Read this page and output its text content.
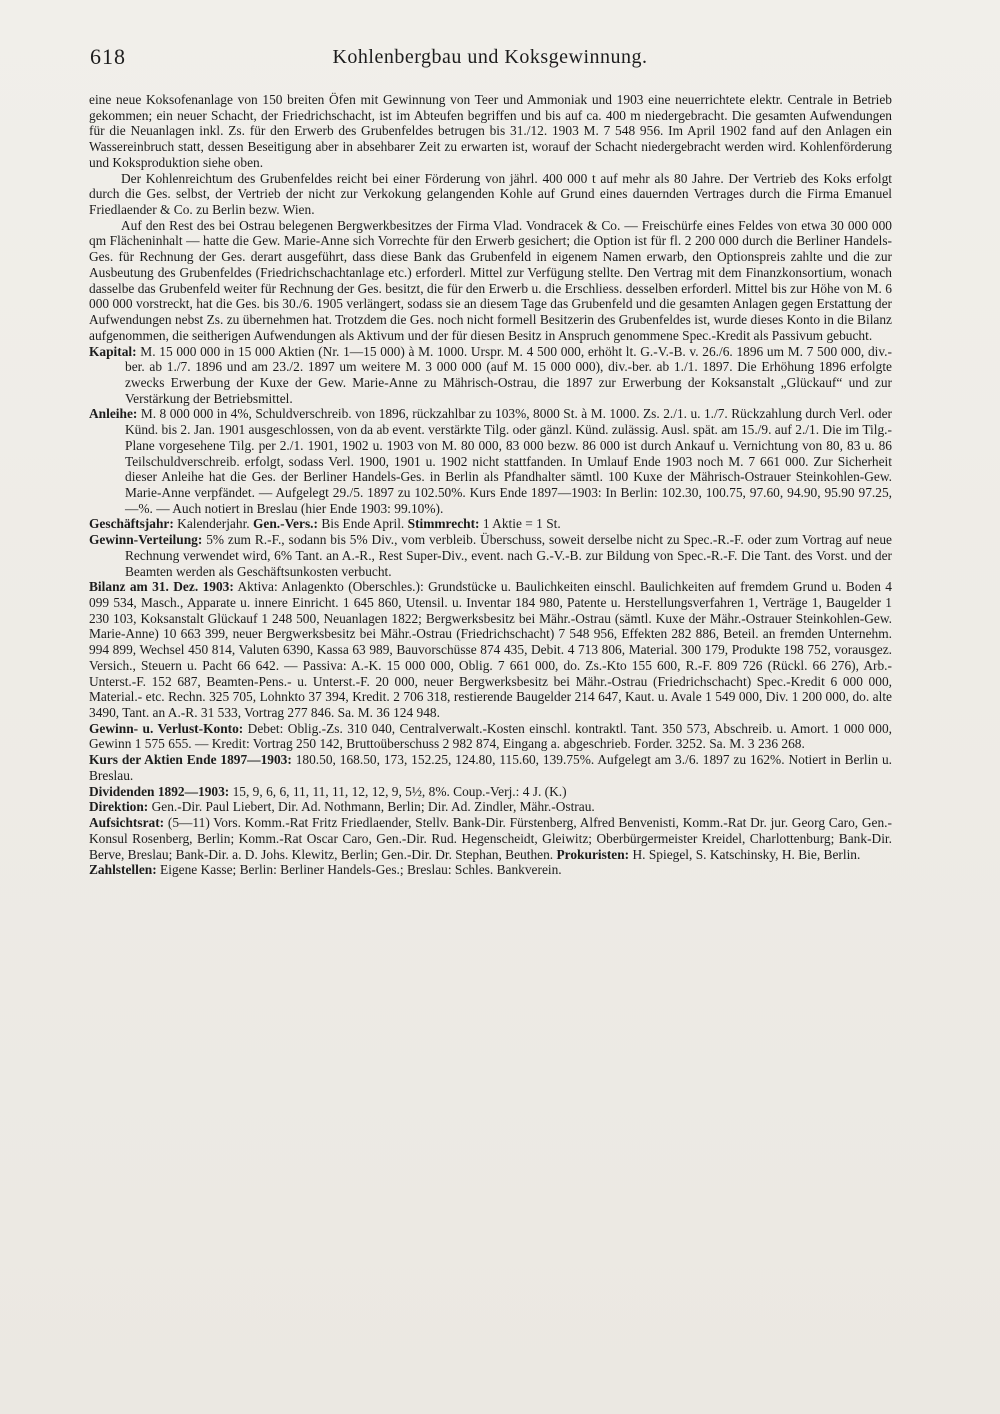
618	Kohlenbergbau und Koksgewinnung.

eine neue Koksofenanlage von 150 breiten Öfen mit Gewinnung von Teer und Ammoniak und 1903 eine neuerrichtete elektr. Centrale in Betrieb gekommen; ein neuer Schacht, der Friedrichschacht, ist im Abteufen begriffen und bis auf ca. 400 m niedergebracht. Die gesamten Aufwendungen für die Neuanlagen inkl. Zs. für den Erwerb des Grubenfeldes betrugen bis 31./12. 1903 M. 7 548 956. Im April 1902 fand auf den Anlagen ein Wassereinbruch statt, dessen Beseitigung aber in absehbarer Zeit zu erwarten ist, worauf der Schacht niedergebracht werden wird. Kohlenförderung und Koksproduktion siehe oben.

Der Kohlenreichtum des Grubenfeldes reicht bei einer Förderung von jährl. 400 000 t auf mehr als 80 Jahre. Der Vertrieb des Koks erfolgt durch die Ges. selbst, der Vertrieb der nicht zur Verkokung gelangenden Kohle auf Grund eines dauernden Vertrages durch die Firma Emanuel Friedlaender & Co. zu Berlin bezw. Wien.

Auf den Rest des bei Ostrau belegenen Bergwerkbesitzes der Firma Vlad. Vondracek & Co. — Freischürfe eines Feldes von etwa 30 000 000 qm Flächeninhalt — hatte die Gew. Marie-Anne sich Vorrechte für den Erwerb gesichert; die Option ist für fl. 2 200 000 durch die Berliner Handels-Ges. für Rechnung der Ges. derart ausgeführt, dass diese Bank das Grubenfeld in eigenem Namen erwarb, den Optionspreis zahlte und die zur Ausbeutung des Grubenfeldes (Friedrichschachtanlage etc.) erforderl. Mittel zur Verfügung stellte. Den Vertrag mit dem Finanzkonsortium, wonach dasselbe das Grubenfeld weiter für Rechnung der Ges. besitzt, die für den Erwerb u. die Erschliess. desselben erforderl. Mittel bis zur Höhe von M. 6 000 000 vorstreckt, hat die Ges. bis 30./6. 1905 verlängert, sodass sie an diesem Tage das Grubenfeld und die gesamten Anlagen gegen Erstattung der Aufwendungen nebst Zs. zu übernehmen hat. Trotzdem die Ges. noch nicht formell Besitzerin des Grubenfeldes ist, wurde dieses Konto in die Bilanz aufgenommen, die seitherigen Aufwendungen als Aktivum und der für diesen Besitz in Anspruch genommene Spec.-Kredit als Passivum gebucht.

Kapital: M. 15 000 000 in 15 000 Aktien (Nr. 1—15 000) à M. 1000. Urspr. M. 4 500 000, erhöht lt. G.-V.-B. v. 26./6. 1896 um M. 7 500 000, div.-ber. ab 1./7. 1896 und am 23./2. 1897 um weitere M. 3 000 000 (auf M. 15 000 000), div.-ber. ab 1./1. 1897. Die Erhöhung 1896 erfolgte zwecks Erwerbung der Kuxe der Gew. Marie-Anne zu Mährisch-Ostrau, die 1897 zur Erwerbung der Koksanstalt „Glückauf“ und zur Verstärkung der Betriebsmittel.

Anleihe: M. 8 000 000 in 4%, Schuldverschreib. von 1896, rückzahlbar zu 103%, 8000 St. à M. 1000. Zs. 2./1. u. 1./7. Rückzahlung durch Verl. oder Künd. bis 2. Jan. 1901 ausgeschlossen, von da ab event. verstärkte Tilg. oder gänzl. Künd. zulässig. Ausl. spät. am 15./9. auf 2./1. Die im Tilg.-Plane vorgesehene Tilg. per 2./1. 1901, 1902 u. 1903 von M. 80 000, 83 000 bezw. 86 000 ist durch Ankauf u. Vernichtung von 80, 83 u. 86 Teilschuldverschreib. erfolgt, sodass Verl. 1900, 1901 u. 1902 nicht stattfanden. In Umlauf Ende 1903 noch M. 7 661 000. Zur Sicherheit dieser Anleihe hat die Ges. der Berliner Handels-Ges. in Berlin als Pfandhalter sämtl. 100 Kuxe der Mährisch-Ostrauer Steinkohlen-Gew. Marie-Anne verpfändet. — Aufgelegt 29./5. 1897 zu 102.50%. Kurs Ende 1897—1903: In Berlin: 102.30, 100.75, 97.60, 94.90, 95.90 97.25, —%. — Auch notiert in Breslau (hier Ende 1903: 99.10%).

Geschäftsjahr: Kalenderjahr. Gen.-Vers.: Bis Ende April. Stimmrecht: 1 Aktie = 1 St.

Gewinn-Verteilung: 5% zum R.-F., sodann bis 5% Div., vom verbleib. Überschuss, soweit derselbe nicht zu Spec.-R.-F. oder zum Vortrag auf neue Rechnung verwendet wird, 6% Tant. an A.-R., Rest Super-Div., event. nach G.-V.-B. zur Bildung von Spec.-R.-F. Die Tant. des Vorst. und der Beamten werden als Geschäftsunkosten verbucht.

Bilanz am 31. Dez. 1903: Aktiva: Anlagenkto (Oberschles.): Grundstücke u. Baulichkeiten einschl. Baulichkeiten auf fremdem Grund u. Boden 4 099 534, Masch., Apparate u. innere Einricht. 1 645 860, Utensil. u. Inventar 184 980, Patente u. Herstellungsverfahren 1, Verträge 1, Baugelder 1 230 103, Koksanstalt Glückauf 1 248 500, Neuanlagen 1822; Bergwerksbesitz bei Mähr.-Ostrau (sämtl. Kuxe der Mähr.-Ostrauer Steinkohlen-Gew. Marie-Anne) 10 663 399, neuer Bergwerksbesitz bei Mähr.-Ostrau (Friedrichschacht) 7 548 956, Effekten 282 886, Beteil. an fremden Unternehm. 994 899, Wechsel 450 814, Valuten 6390, Kassa 63 989, Bauvorschüsse 874 435, Debit. 4 713 806, Material. 300 179, Produkte 198 752, vorausgez. Versich., Steuern u. Pacht 66 642. — Passiva: A.-K. 15 000 000, Oblig. 7 661 000, do. Zs.-Kto 155 600, R.-F. 809 726 (Rückl. 66 276), Arb.-Unterst.-F. 152 687, Beamten-Pens.- u. Unterst.-F. 20 000, neuer Bergwerksbesitz bei Mähr.-Ostrau (Friedrichschacht) Spec.-Kredit 6 000 000, Material.- etc. Rechn. 325 705, Lohnkto 37 394, Kredit. 2 706 318, restierende Baugelder 214 647, Kaut. u. Avale 1 549 000, Div. 1 200 000, do. alte 3490, Tant. an A.-R. 31 533, Vortrag 277 846. Sa. M. 36 124 948.

Gewinn- u. Verlust-Konto: Debet: Oblig.-Zs. 310 040, Centralverwalt.-Kosten einschl. kontraktl. Tant. 350 573, Abschreib. u. Amort. 1 000 000, Gewinn 1 575 655. — Kredit: Vortrag 250 142, Bruttoüberschuss 2 982 874, Eingang a. abgeschrieb. Forder. 3252. Sa. M. 3 236 268.

Kurs der Aktien Ende 1897—1903: 180.50, 168.50, 173, 152.25, 124.80, 115.60, 139.75%. Aufgelegt am 3./6. 1897 zu 162%. Notiert in Berlin u. Breslau.

Dividenden 1892—1903: 15, 9, 6, 6, 11, 11, 11, 12, 12, 9, 5½, 8%. Coup.-Verj.: 4 J. (K.)

Direktion: Gen.-Dir. Paul Liebert, Dir. Ad. Nothmann, Berlin; Dir. Ad. Zindler, Mähr.-Ostrau.

Aufsichtsrat: (5—11) Vors. Komm.-Rat Fritz Friedlaender, Stellv. Bank-Dir. Fürstenberg, Alfred Benvenisti, Komm.-Rat Dr. jur. Georg Caro, Gen.-Konsul Rosenberg, Berlin; Komm.-Rat Oscar Caro, Gen.-Dir. Rud. Hegenscheidt, Gleiwitz; Oberbürgermeister Kreidel, Charlottenburg; Bank-Dir. Berve, Breslau; Bank-Dir. a. D. Johs. Klewitz, Berlin; Gen.-Dir. Dr. Stephan, Beuthen. Prokuristen: H. Spiegel, S. Katschinsky, H. Bie, Berlin.

Zahlstellen: Eigene Kasse; Berlin: Berliner Handels-Ges.; Breslau: Schles. Bankverein.
